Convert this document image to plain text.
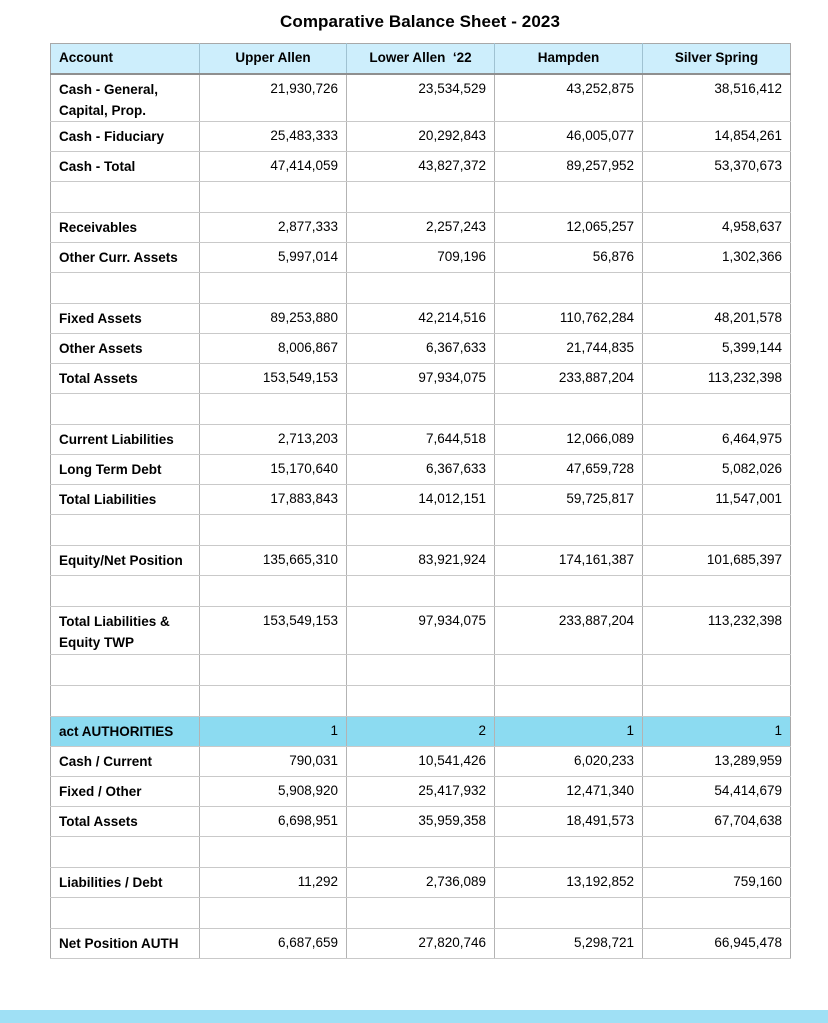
Comparative Balance Sheet - 2023
Account	Upper Allen	Lower Allen  ‘22	Hampden	Silver Spring
Cash - General, Capital, Prop.	21,930,726	23,534,529	43,252,875	38,516,412
Cash - Fiduciary	25,483,333	20,292,843	46,005,077	14,854,261
Cash - Total	47,414,059	43,827,372	89,257,952	53,370,673

Receivables	2,877,333	2,257,243	12,065,257	4,958,637
Other Curr. Assets	5,997,014	709,196	56,876	1,302,366

Fixed Assets	89,253,880	42,214,516	110,762,284	48,201,578
Other Assets	8,006,867	6,367,633	21,744,835	5,399,144
Total Assets	153,549,153	97,934,075	233,887,204	113,232,398

Current Liabilities	2,713,203	7,644,518	12,066,089	6,464,975
Long Term Debt	15,170,640	6,367,633	47,659,728	5,082,026
Total Liabilities	17,883,843	14,012,151	59,725,817	11,547,001

Equity/Net Position	135,665,310	83,921,924	174,161,387	101,685,397

Total Liabilities & Equity TWP	153,549,153	97,934,075	233,887,204	113,232,398

act AUTHORITIES	1	2	1	1
Cash / Current	790,031	10,541,426	6,020,233	13,289,959
Fixed / Other	5,908,920	25,417,932	12,471,340	54,414,679
Total Assets	6,698,951	35,959,358	18,491,573	67,704,638

Liabilities / Debt	11,292	2,736,089	13,192,852	759,160

Net Position AUTH	6,687,659	27,820,746	5,298,721	66,945,478
